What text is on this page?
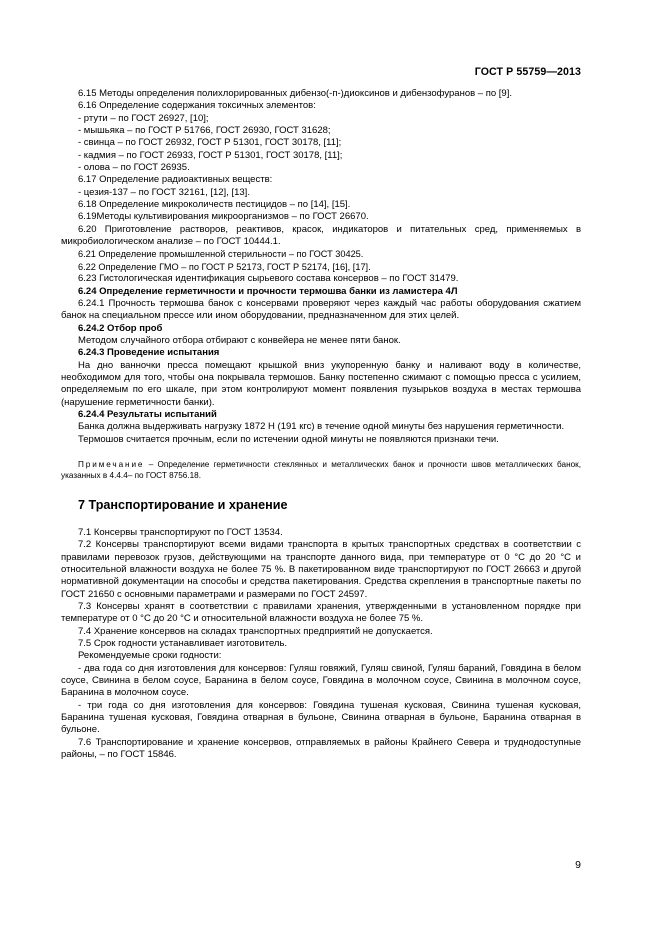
ГОСТ Р 55759—2013

6.15 Методы определения полихлорированных дибензо(-п-)диоксинов и дибензофуранов – по [9].

6.16 Определение содержания токсичных элементов:

- ртути – по ГОСТ 26927, [10];

- мышьяка – по ГОСТ Р 51766, ГОСТ 26930, ГОСТ 31628;

- свинца – по ГОСТ 26932, ГОСТ Р 51301, ГОСТ 30178, [11];

- кадмия – по ГОСТ 26933, ГОСТ Р 51301, ГОСТ 30178, [11];

- олова – по ГОСТ 26935.

6.17 Определение радиоактивных веществ:

- цезия-137 – по ГОСТ 32161, [12], [13].

6.18 Определение микроколичеств пестицидов – по [14], [15].

6.19Методы культивирования микроорганизмов – по ГОСТ 26670.

6.20 Приготовление растворов, реактивов, красок, индикаторов и питательных сред, применяемых в микробиологическом анализе – по ГОСТ 10444.1.

6.21 Определение промышленной стерильности – по ГОСТ 30425.

6.22 Определение ГМО – по ГОСТ Р 52173, ГОСТ Р 52174, [16], [17].

6.23 Гистологическая идентификация сырьевого состава консервов – по ГОСТ 31479.

6.24 Определение герметичности и прочности термошва банки из ламистера 4Л

6.24.1 Прочность термошва банок с консервами проверяют через каждый час работы оборудования сжатием банок на специальном прессе или ином оборудовании, предназначенном для этих целей.

6.24.2 Отбор проб

Методом случайного отбора отбирают с конвейера не менее пяти банок.

6.24.3 Проведение испытания

На дно ванночки пресса помещают крышкой вниз укупоренную банку и наливают воду в количестве, необходимом для того, чтобы она покрывала термошов. Банку постепенно сжимают с помощью пресса с усилием, определяемым по его шкале, при этом контролируют момент появления пузырьков воздуха в местах термошва (нарушение герметичности банки).

6.24.4 Результаты испытаний

Банка должна выдерживать нагрузку 1872 Н (191 кгс) в течение одной минуты без нарушения герметичности.

Термошов считается прочным, если по истечении одной минуты не появляются признаки течи.

Примечание – Определение герметичности стеклянных и металлических банок и прочности швов металлических банок, указанных в 4.4.4– по ГОСТ 8756.18.

7 Транспортирование и хранение

7.1 Консервы транспортируют по ГОСТ 13534.

7.2 Консервы транспортируют всеми видами транспорта в крытых транспортных средствах в соответствии с правилами перевозок грузов, действующими на транспорте данного вида, при температуре от 0 °С до 20 °С и относительной влажности воздуха не более 75 %. В пакетированном виде транспортируют по ГОСТ 26663 и другой нормативной документации на способы и средства пакетирования. Средства скрепления в транспортные пакеты по ГОСТ 21650 с основными параметрами и размерами по ГОСТ 24597.

7.3 Консервы хранят в соответствии с правилами хранения, утвержденными в установленном порядке при температуре от 0 °С до 20 °С и относительной влажности воздуха не более 75 %.

7.4 Хранение консервов на складах транспортных предприятий не допускается.

7.5 Срок годности устанавливает изготовитель.

Рекомендуемые сроки годности:

- два года со дня изготовления для консервов: Гуляш говяжий, Гуляш свиной, Гуляш бараний, Говядина в белом соусе, Свинина в белом соусе, Баранина в белом соусе, Говядина в молочном соусе, Свинина в молочном соусе, Баранина в молочном соусе.

- три года со дня изготовления для консервов: Говядина тушеная кусковая, Свинина тушеная кусковая, Баранина тушеная кусковая, Говядина отварная в бульоне, Свинина отварная в бульоне, Баранина отварная в бульоне.

7.6 Транспортирование и хранение консервов, отправляемых в районы Крайнего Севера и труднодоступные районы, – по ГОСТ 15846.

9
